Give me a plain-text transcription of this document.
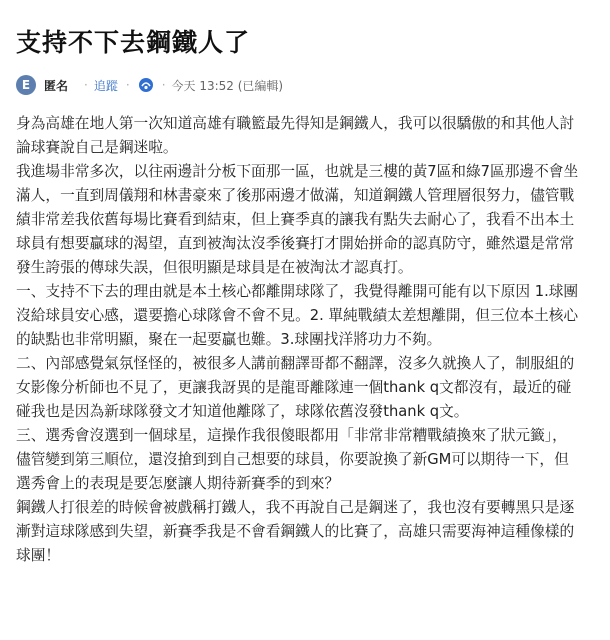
支持不下去鋼鐵人了
E	匿名 · 追蹤 ·	· 今天 13:52 (已編輯)

身為高雄在地人第一次知道高雄有職籃最先得知是鋼鐵人，我可以很驕傲的和其他人討論球賽說自己是鋼迷啦。

我進場非常多次，以往兩邊計分板下面那一區，也就是三樓的黃7區和綠7區那邊不會坐滿人，一直到周儀翔和林書豪來了後那兩邊才做滿，知道鋼鐵人管理層很努力，儘管戰績非常差我依舊每場比賽看到結束，但上賽季真的讓我有點失去耐心了，我看不出本土球員有想要贏球的渴望，直到被淘汰沒季後賽打才開始拼命的認真防守，雖然還是常常發生誇張的傳球失誤，但很明顯是球員是在被淘汰才認真打。

一、支持不下去的理由就是本土核心都離開球隊了，我覺得離開可能有以下原因 1.球團沒給球員安心感，還要擔心球隊會不會不見。2. 單純戰績太差想離開，但三位本土核心的缺點也非常明顯，聚在一起要贏也難。3.球團找洋將功力不夠。

二、內部感覺氣氛怪怪的，被很多人講前翻譯哥都不翻譯，沒多久就換人了，制服組的女影像分析師也不見了，更讓我訝異的是龍哥離隊連一個thank q文都沒有，最近的碰碰我也是因為新球隊發文才知道他離隊了，球隊依舊沒發thank q文。

三、選秀會沒選到一個球星，這操作我很傻眼都用「非常非常糟戰績換來了狀元籤」，儘管變到第三順位，還沒搶到到自己想要的球員，你要說換了新GM可以期待一下，但選秀會上的表現是要怎麼讓人期待新賽季的到來？

鋼鐵人打很差的時候會被戲稱打鐵人，我不再說自己是鋼迷了，我也沒有要轉黑只是逐漸對這球隊感到失望，新賽季我是不會看鋼鐵人的比賽了，高雄只需要海神這種像樣的球團！
